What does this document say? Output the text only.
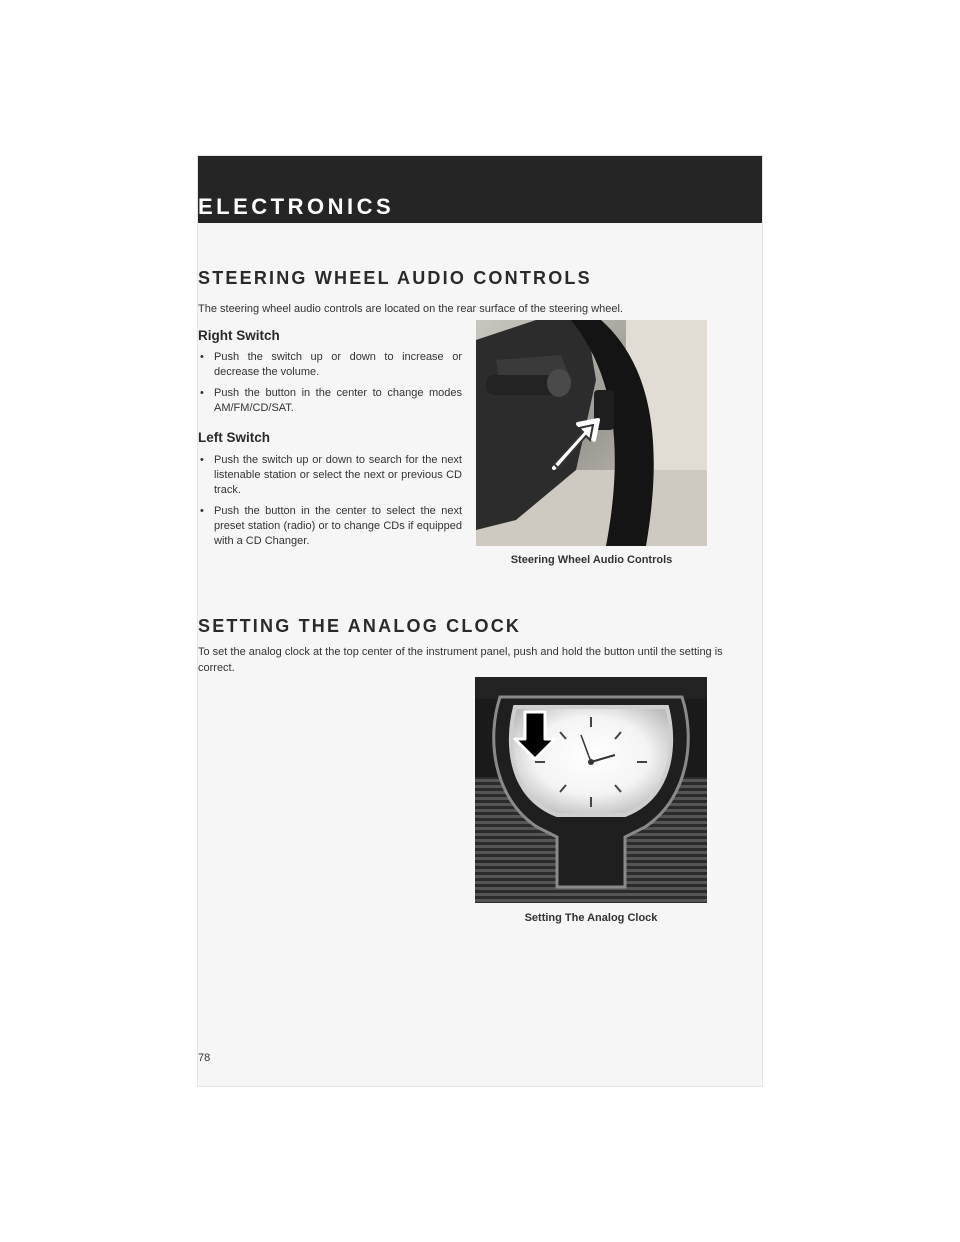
ELECTRONICS
STEERING WHEEL AUDIO CONTROLS
The steering wheel audio controls are located on the rear surface of the steering wheel.
Right Switch
• Push the switch up or down to increase or decrease the volume.
• Push the button in the center to change modes AM/FM/CD/SAT.
Left Switch
• Push the switch up or down to search for the next listenable station or select the next or previous CD track.
• Push the button in the center to select the next preset station (radio) or to change CDs if equipped with a CD Changer.
Steering Wheel Audio Controls
SETTING THE ANALOG CLOCK
To set the analog clock at the top center of the instrument panel, push and hold the button until the setting is correct.
Setting The Analog Clock
78
